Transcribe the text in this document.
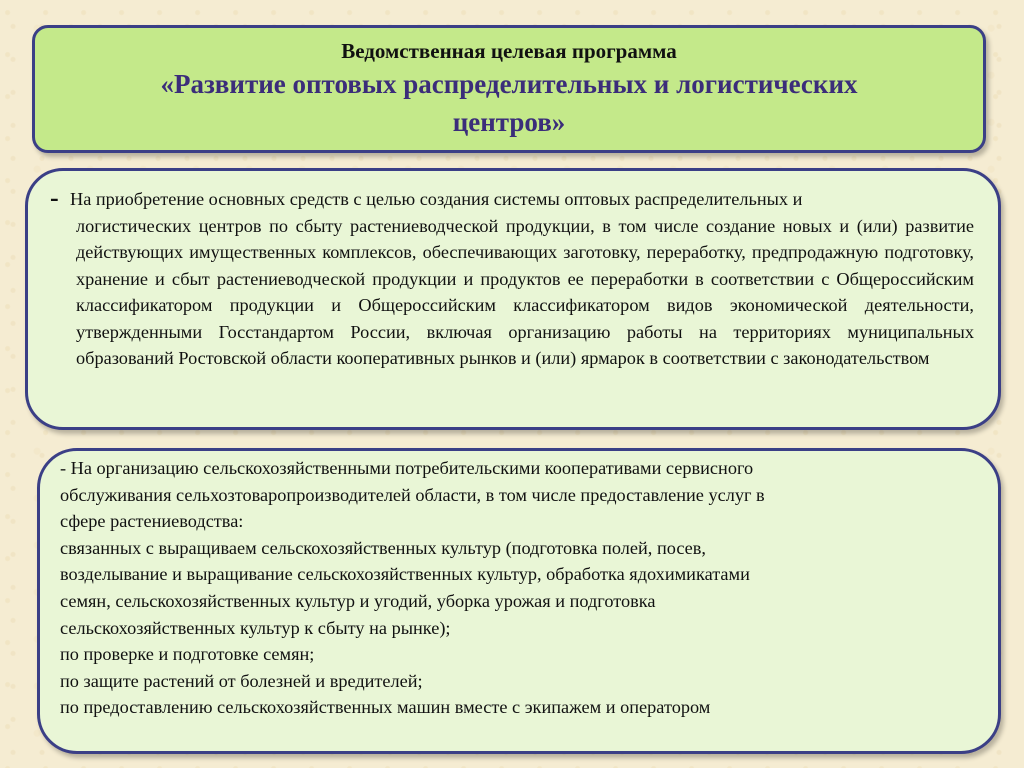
Ведомственная целевая программа
«Развитие оптовых распределительных и логистических
центров»
- На приобретение основных средств с целью создания системы оптовых распределительных и
логистических центров по сбыту растениеводческой продукции, в том числе создание новых и (или) развитие действующих имущественных комплексов, обеспечивающих заготовку, переработку, предпродажную подготовку, хранение и сбыт растениеводческой продукции и продуктов ее переработки в соответствии с Общероссийским классификатором продукции и Общероссийским классификатором видов экономической деятельности, утвержденными Госстандартом России, включая организацию работы на территориях муниципальных образований Ростовской области кооперативных рынков и (или) ярмарок в соответствии с законодательством
- На организацию сельскохозяйственными потребительскими кооперативами сервисного
обслуживания сельхозтоваропроизводителей области, в том числе предоставление услуг в
сфере растениеводства:
связанных с выращиваем сельскохозяйственных культур (подготовка полей, посев,
возделывание и выращивание сельскохозяйственных культур, обработка ядохимикатами
семян, сельскохозяйственных культур и угодий, уборка урожая и подготовка
сельскохозяйственных культур к сбыту на рынке);
по проверке и подготовке семян;
по защите растений от болезней и вредителей;
по предоставлению сельскохозяйственных машин вместе с экипажем и оператором
